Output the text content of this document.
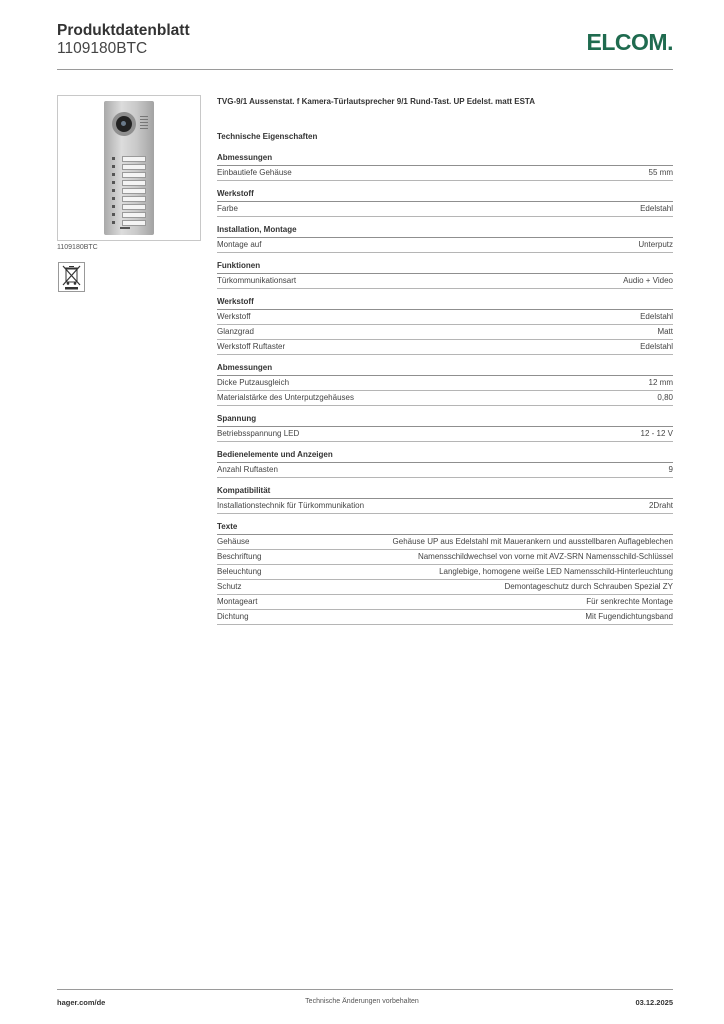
Produktdatenblatt
1109180BTC	ELCOM.
1109180BTC
TVG-9/1 Aussenstat. f Kamera-Türlautsprecher 9/1 Rund-Tast. UP Edelst. matt ESTA
Technische Eigenschaften
Abmessungen
Einbautiefe Gehäuse	55 mm
Werkstoff
Farbe	Edelstahl
Installation, Montage
Montage auf	Unterputz
Funktionen
Türkommunikationsart	Audio + Video
Werkstoff
Werkstoff	Edelstahl
Glanzgrad	Matt
Werkstoff Ruftaster	Edelstahl
Abmessungen
Dicke Putzausgleich	12 mm
Materialstärke des Unterputzgehäuses	0,80
Spannung
Betriebsspannung LED	12 - 12 V
Bedienelemente und Anzeigen
Anzahl Ruftasten	9
Kompatibilität
Installationstechnik für Türkommunikation	2Draht
Texte
Gehäuse	Gehäuse UP aus Edelstahl mit Mauerankern und ausstellbaren Auflageblechen
Beschriftung	Namensschildwechsel von vorne mit AVZ-SRN Namensschild-Schlüssel
Beleuchtung	Langlebige, homogene weiße LED Namensschild-Hinterleuchtung
Schutz	Demontageschutz durch Schrauben Spezial ZY
Montageart	Für senkrechte Montage
Dichtung	Mit Fugendichtungsband
hager.com/de	Technische Änderungen vorbehalten	03.12.2025
